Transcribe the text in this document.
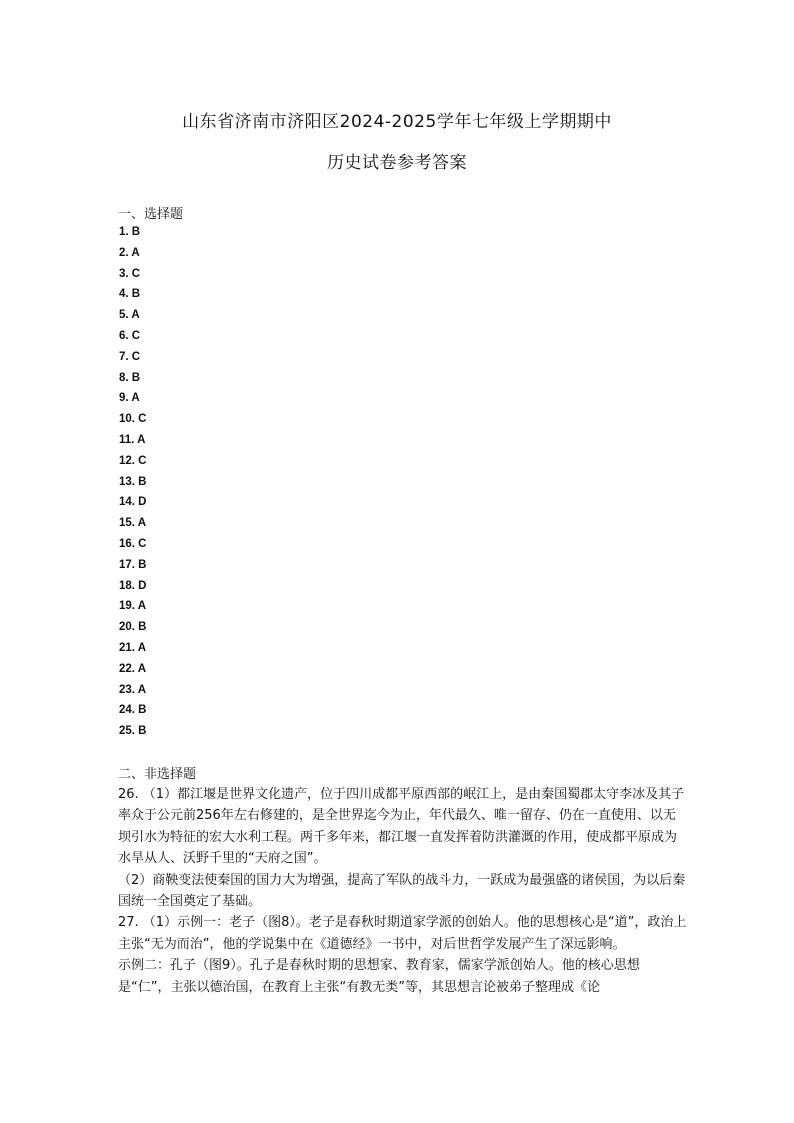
山东省济南市济阳区2024-2025学年七年级上学期期中
历史试卷参考答案
一、选择题
1. B
2. A
3. C
4. B
5. A
6. C
7. C
8. B
9. A
10. C
11. A
12. C
13. B
14. D
15. A
16. C
17. B
18. D
19. A
20. B
21. A
22. A
23. A
24. B
25. B
二、非选择题

26. （1）都江堰是世界文化遗产，位于四川成都平原西部的岷江上，是由秦国蜀郡太守李冰及其子率众于公元前256年左右修建的，是全世界迄今为止，年代最久、唯一留存、仍在一直使用、以无坝引水为特征的宏大水利工程。两千多年来，都江堰一直发挥着防洪灌溉的作用，使成都平原成为水旱从人、沃野千里的“天府之国”。

（2）商鞅变法使秦国的国力大为增强，提高了军队的战斗力，一跃成为最强盛的诸侯国，为以后秦国统一全国奠定了基础。

27. （1）示例一：老子（图8）。老子是春秋时期道家学派的创始人。他的思想核心是“道”，政治上主张“无为而治”，他的学说集中在《道德经》一书中，对后世哲学发展产生了深远影响。

示例二：孔子（图9）。孔子是春秋时期的思想家、教育家，儒家学派创始人。他的核心思想是“仁”，主张以德治国，在教育上主张“有教无类”等，其思想言论被弟子整理成《论
